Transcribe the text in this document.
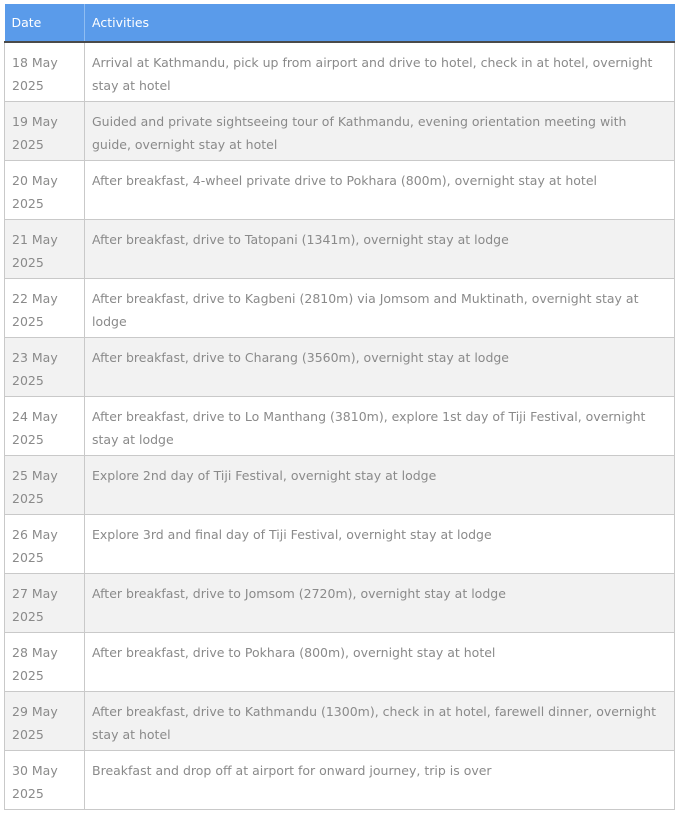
Date	Activities
18 May 2025	Arrival at Kathmandu, pick up from airport and drive to hotel, check in at hotel, overnight stay at hotel
19 May 2025	Guided and private sightseeing tour of Kathmandu, evening orientation meeting with guide, overnight stay at hotel
20 May 2025	After breakfast, 4-wheel private drive to Pokhara (800m), overnight stay at hotel
21 May 2025	After breakfast, drive to Tatopani (1341m), overnight stay at lodge
22 May 2025	After breakfast, drive to Kagbeni (2810m) via Jomsom and Muktinath, overnight stay at lodge
23 May 2025	After breakfast, drive to Charang (3560m), overnight stay at lodge
24 May 2025	After breakfast, drive to Lo Manthang (3810m), explore 1st day of Tiji Festival, overnight stay at lodge
25 May 2025	Explore 2nd day of Tiji Festival, overnight stay at lodge
26 May 2025	Explore 3rd and final day of Tiji Festival, overnight stay at lodge
27 May 2025	After breakfast, drive to Jomsom (2720m), overnight stay at lodge
28 May 2025	After breakfast, drive to Pokhara (800m), overnight stay at hotel
29 May 2025	After breakfast, drive to Kathmandu (1300m), check in at hotel, farewell dinner, overnight stay at hotel
30 May 2025	Breakfast and drop off at airport for onward journey, trip is over
